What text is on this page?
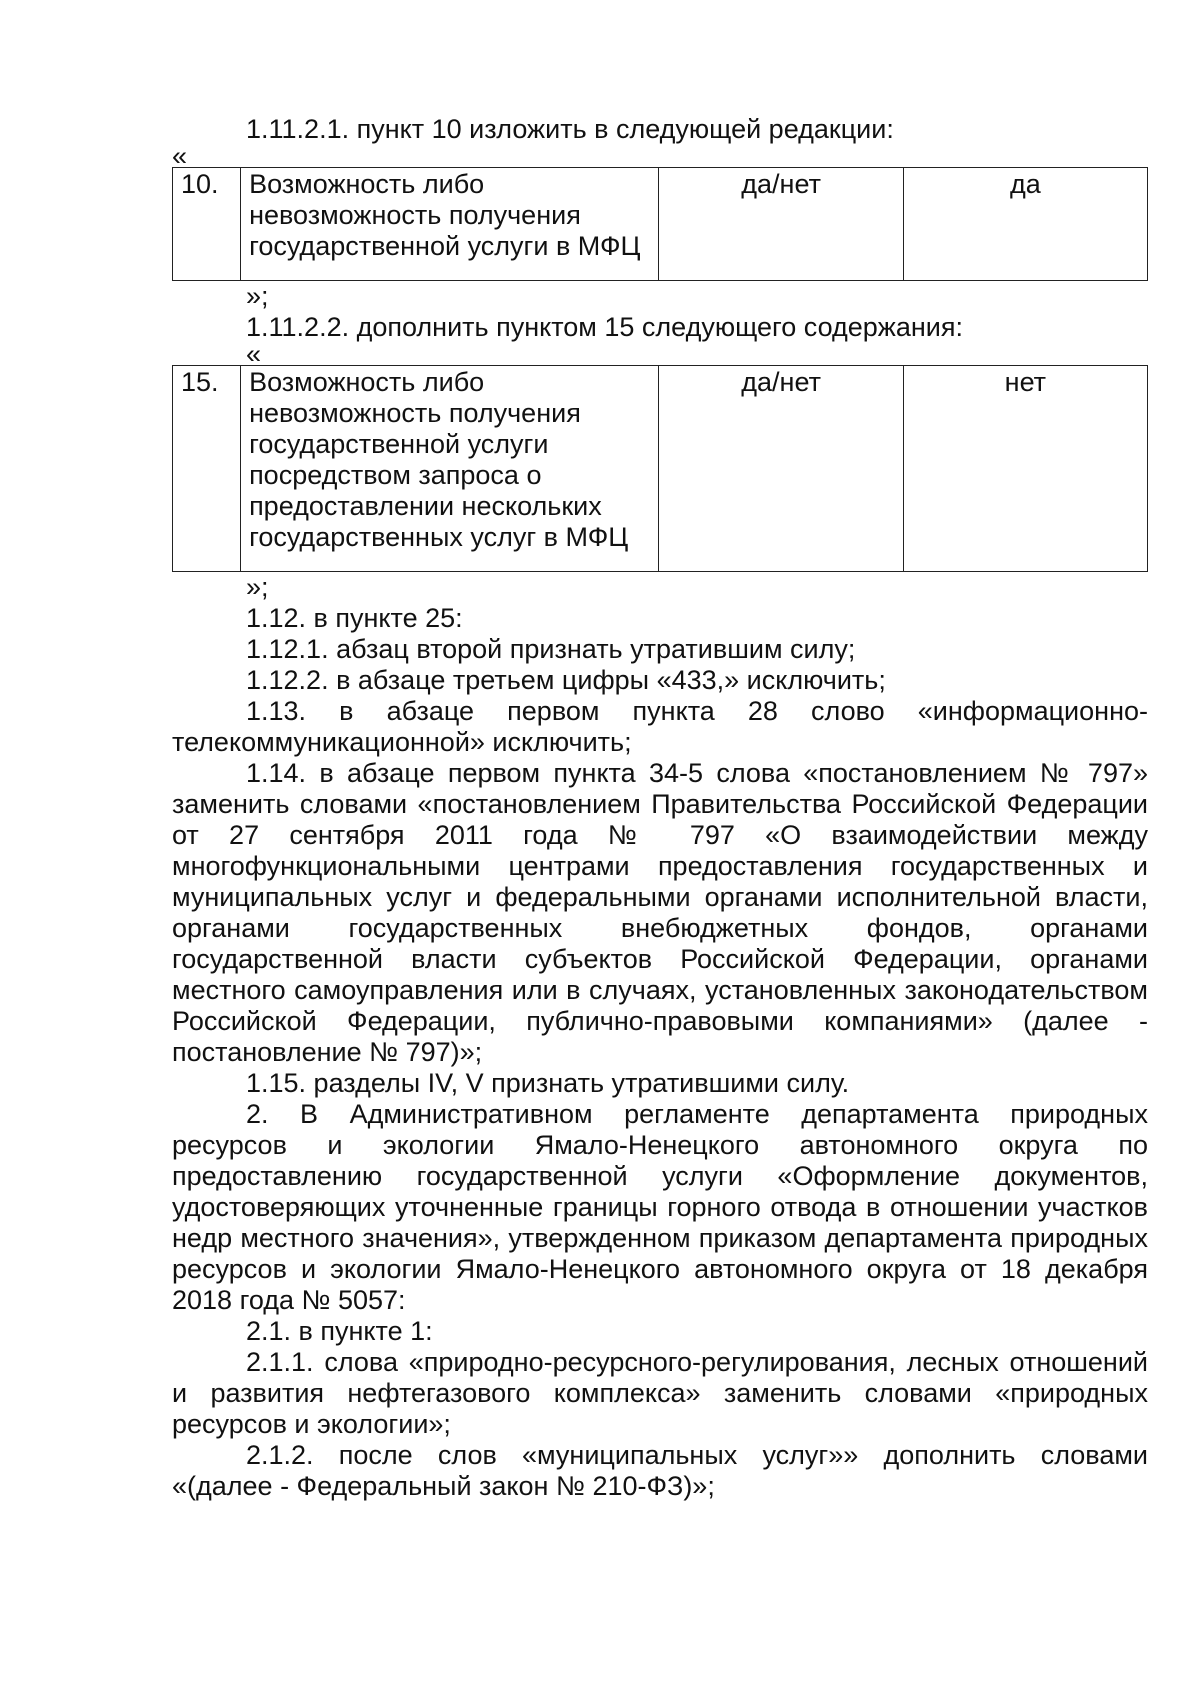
1.11.2.1. пункт 10 изложить в следующей редакции:
«
10.	Возможность либо невозможность получения государственной услуги в МФЦ	да/нет	да
»;
1.11.2.2. дополнить пунктом 15 следующего содержания:
«
15.	Возможность либо невозможность получения государственной услуги посредством запроса о предоставлении нескольких государственных услуг в МФЦ	да/нет	нет
»;
1.12. в пункте 25:
1.12.1. абзац второй признать утратившим силу;
1.12.2. в абзаце третьем цифры «433,» исключить;
1.13. в абзаце первом пункта 28 слово «информационно-телекоммуникационной» исключить;
1.14. в абзаце первом пункта 34-5 слова «постановлением № 797» заменить словами «постановлением Правительства Российской Федерации от 27 сентября 2011 года № 797 «О взаимодействии между многофункциональными центрами предоставления государственных и муниципальных услуг и федеральными органами исполнительной власти, органами государственных внебюджетных фондов, органами государственной власти субъектов Российской Федерации, органами местного самоуправления или в случаях, установленных законодательством Российской Федерации, публично-правовыми компаниями» (далее - постановление № 797)»;
1.15. разделы IV, V признать утратившими силу.
2. В Административном регламенте департамента природных ресурсов и экологии Ямало-Ненецкого автономного округа по предоставлению государственной услуги «Оформление документов, удостоверяющих уточненные границы горного отвода в отношении участков недр местного значения», утвержденном приказом департамента природных ресурсов и экологии Ямало-Ненецкого автономного округа от 18 декабря 2018 года № 5057:
2.1. в пункте 1:
2.1.1. слова «природно-ресурсного-регулирования, лесных отношений и развития нефтегазового комплекса» заменить словами «природных ресурсов и экологии»;
2.1.2. после слов «муниципальных услуг»» дополнить словами «(далее - Федеральный закон № 210-ФЗ)»;
